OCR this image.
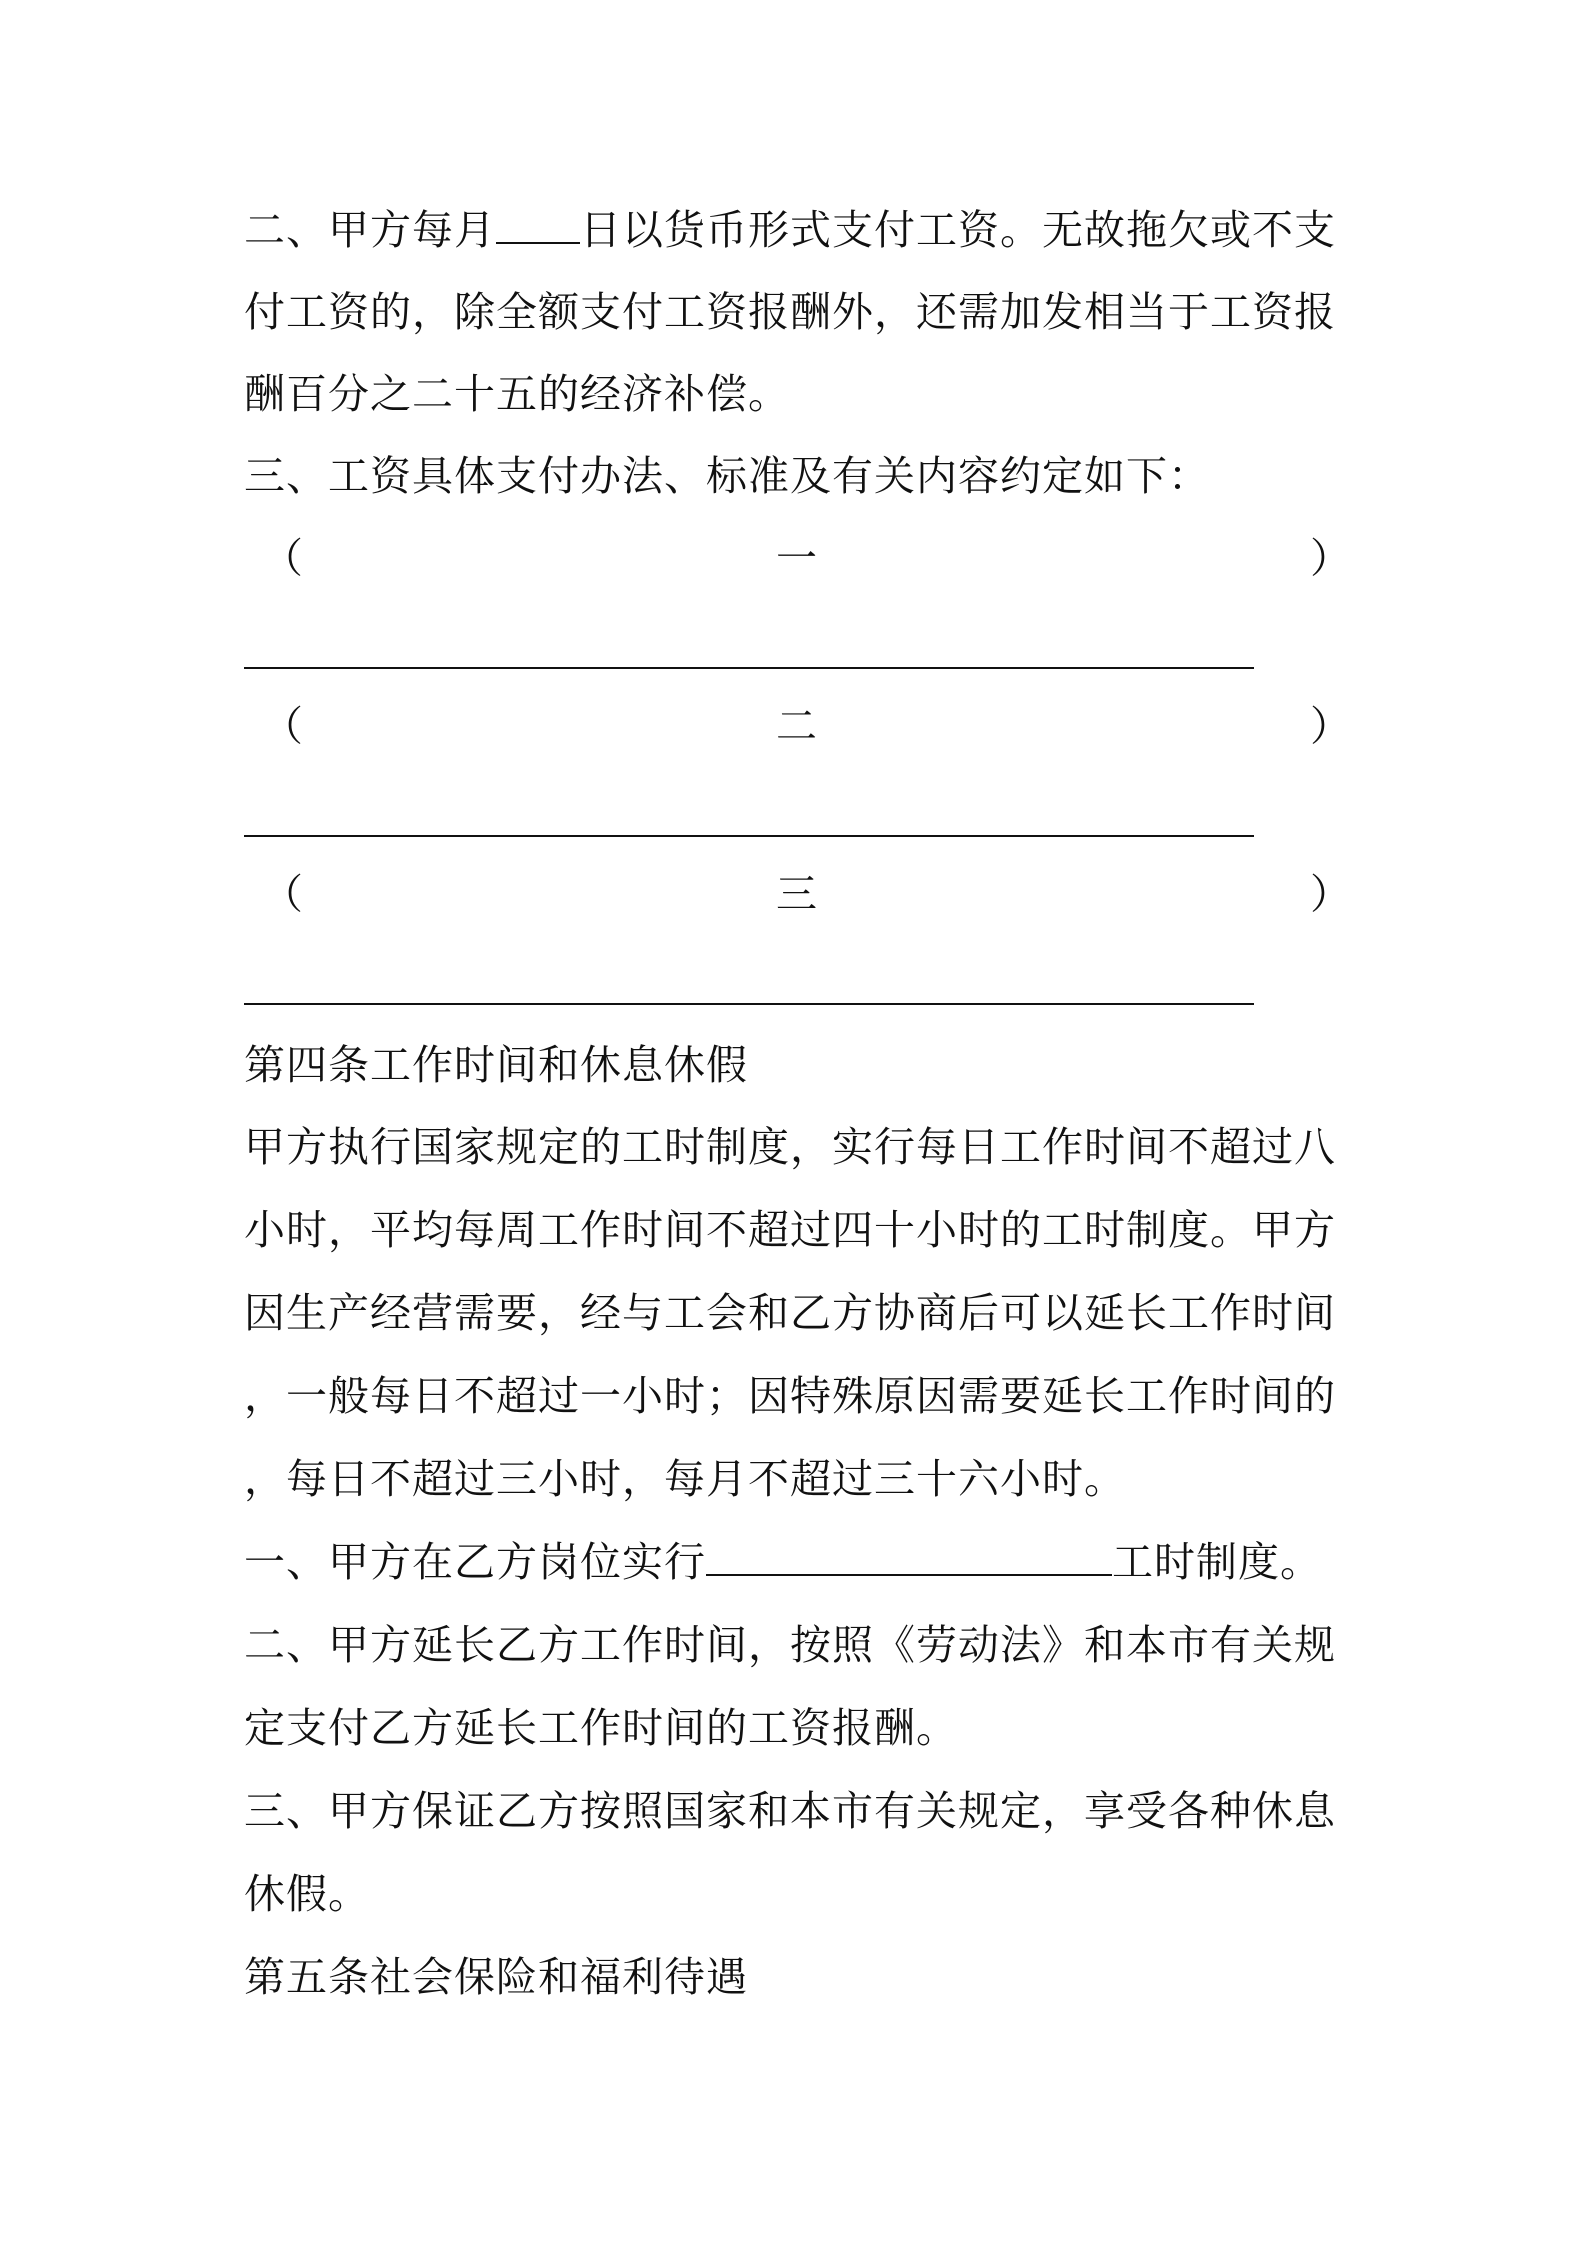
二、甲方每月 日以货币形式支付工资。无故拖欠或不支
付工资的，除全额支付工资报酬外，还需加发相当于工资报
酬百分之二十五的经济补偿。
三、工资具体支付办法、标准及有关内容约定如下：
（	一	）
（	二	）
（	三	）
第四条工作时间和休息休假
甲方执行国家规定的工时制度，实行每日工作时间不超过八
小时，平均每周工作时间不超过四十小时的工时制度。甲方
因生产经营需要，经与工会和乙方协商后可以延长工作时间
，一般每日不超过一小时；因特殊原因需要延长工作时间的
，每日不超过三小时，每月不超过三十六小时。
一、甲方在乙方岗位实行	工时制度。
二、甲方延长乙方工作时间，按照《劳动法》和本市有关规
定支付乙方延长工作时间的工资报酬。
三、甲方保证乙方按照国家和本市有关规定，享受各种休息
休假。
第五条社会保险和福利待遇
